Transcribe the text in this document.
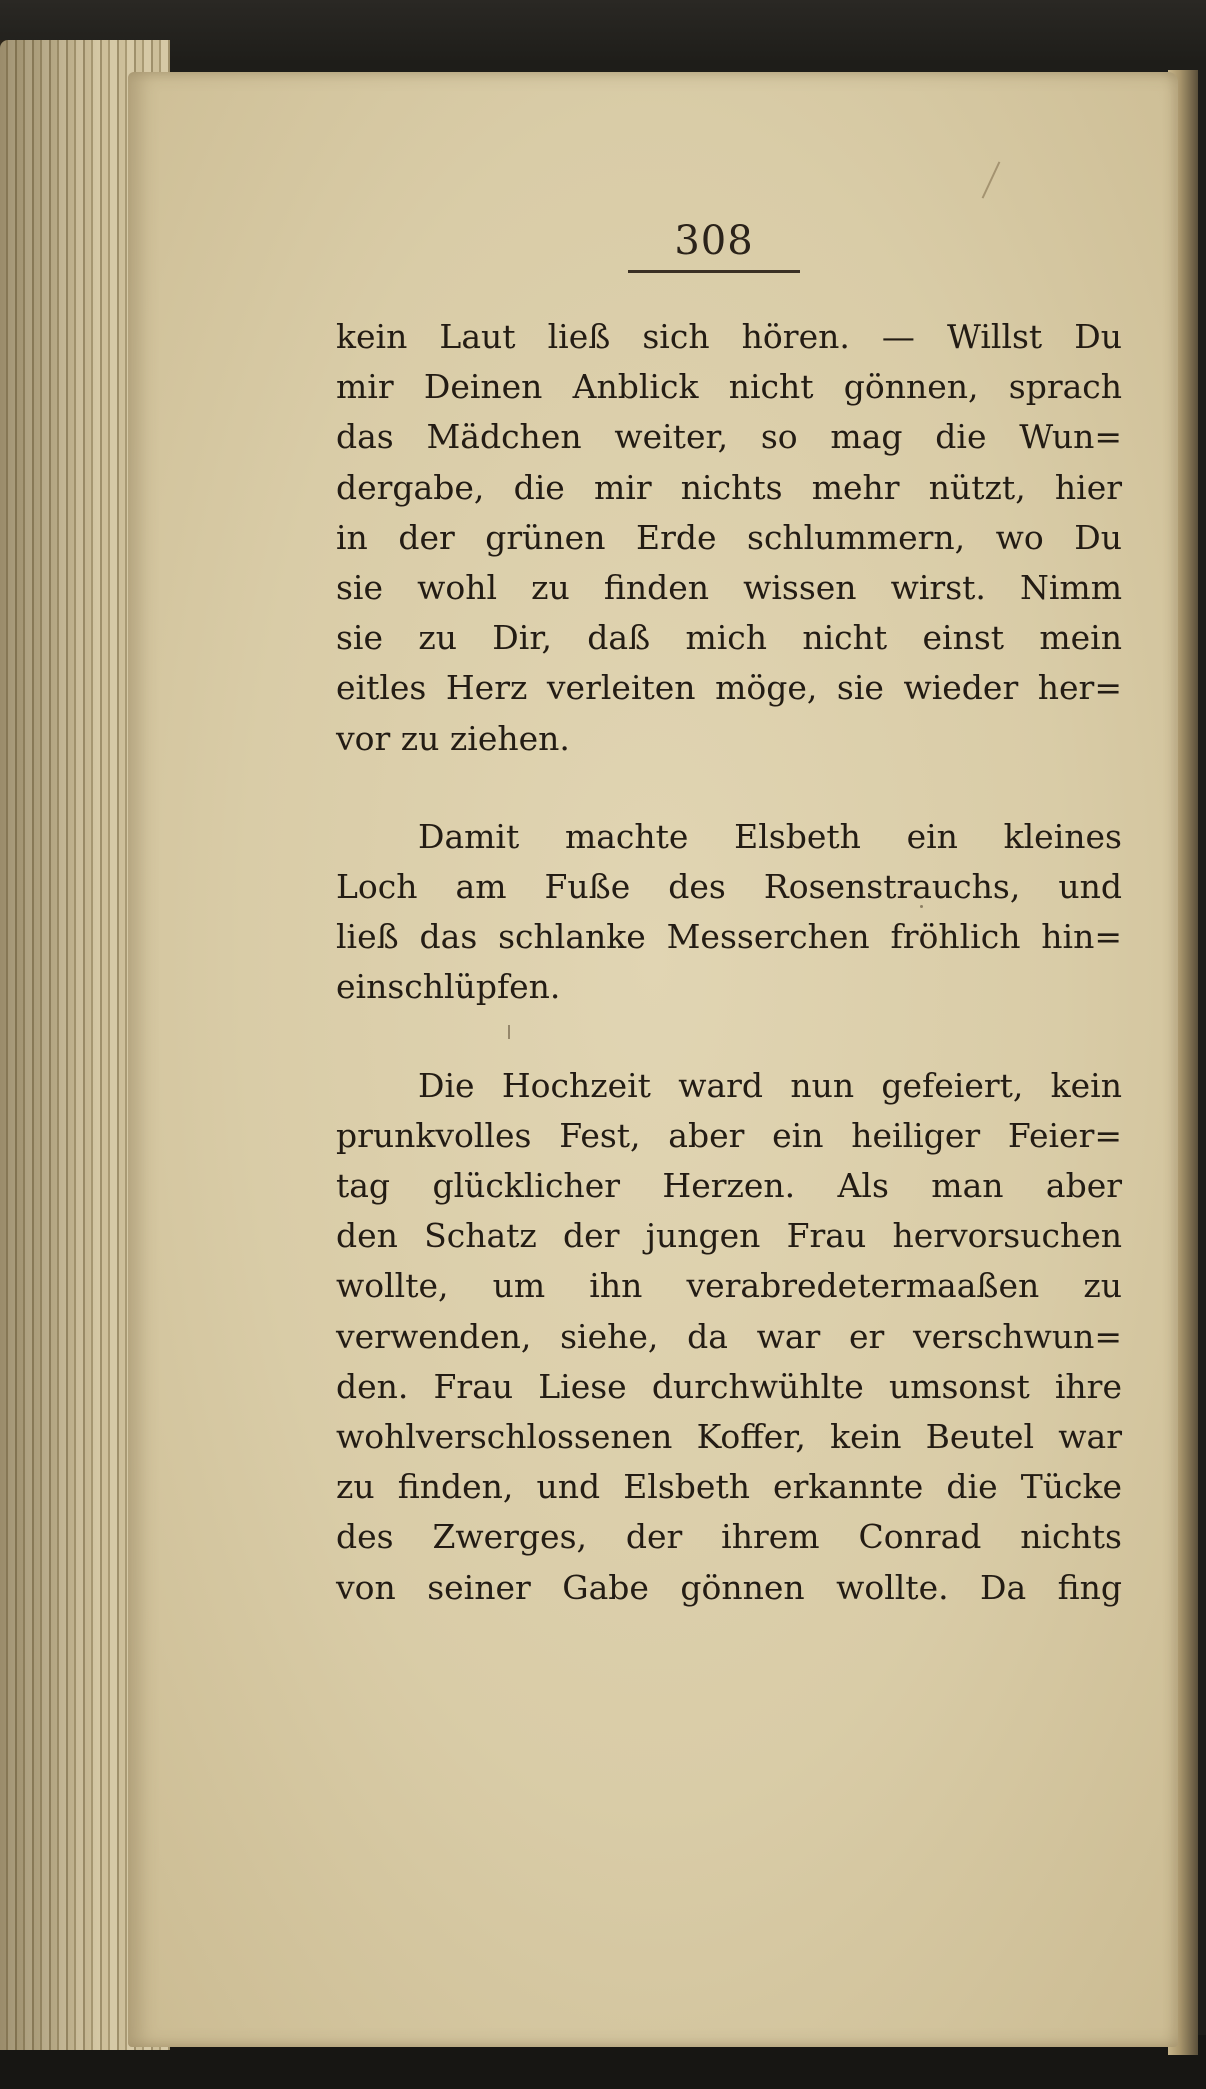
308
kein Laut ließ sich hören. — Willst Du
mir Deinen Anblick nicht gönnen, sprach
das Mädchen weiter, so mag die Wun=
dergabe, die mir nichts mehr nützt, hier
in der grünen Erde schlummern, wo Du
sie wohl zu finden wissen wirst. Nimm
sie zu Dir, daß mich nicht einst mein
eitles Herz verleiten möge, sie wieder her=
vor zu ziehen.
Damit machte Elsbeth ein kleines
Loch am Fuße des Rosenstrauchs, und
ließ das schlanke Messerchen fröhlich hin=
einschlüpfen.
Die Hochzeit ward nun gefeiert, kein
prunkvolles Fest, aber ein heiliger Feier=
tag glücklicher Herzen. Als man aber
den Schatz der jungen Frau hervorsuchen
wollte, um ihn verabredetermaaßen zu
verwenden, siehe, da war er verschwun=
den. Frau Liese durchwühlte umsonst ihre
wohlverschlossenen Koffer, kein Beutel war
zu finden, und Elsbeth erkannte die Tücke
des Zwerges, der ihrem Conrad nichts
von seiner Gabe gönnen wollte. Da fing
